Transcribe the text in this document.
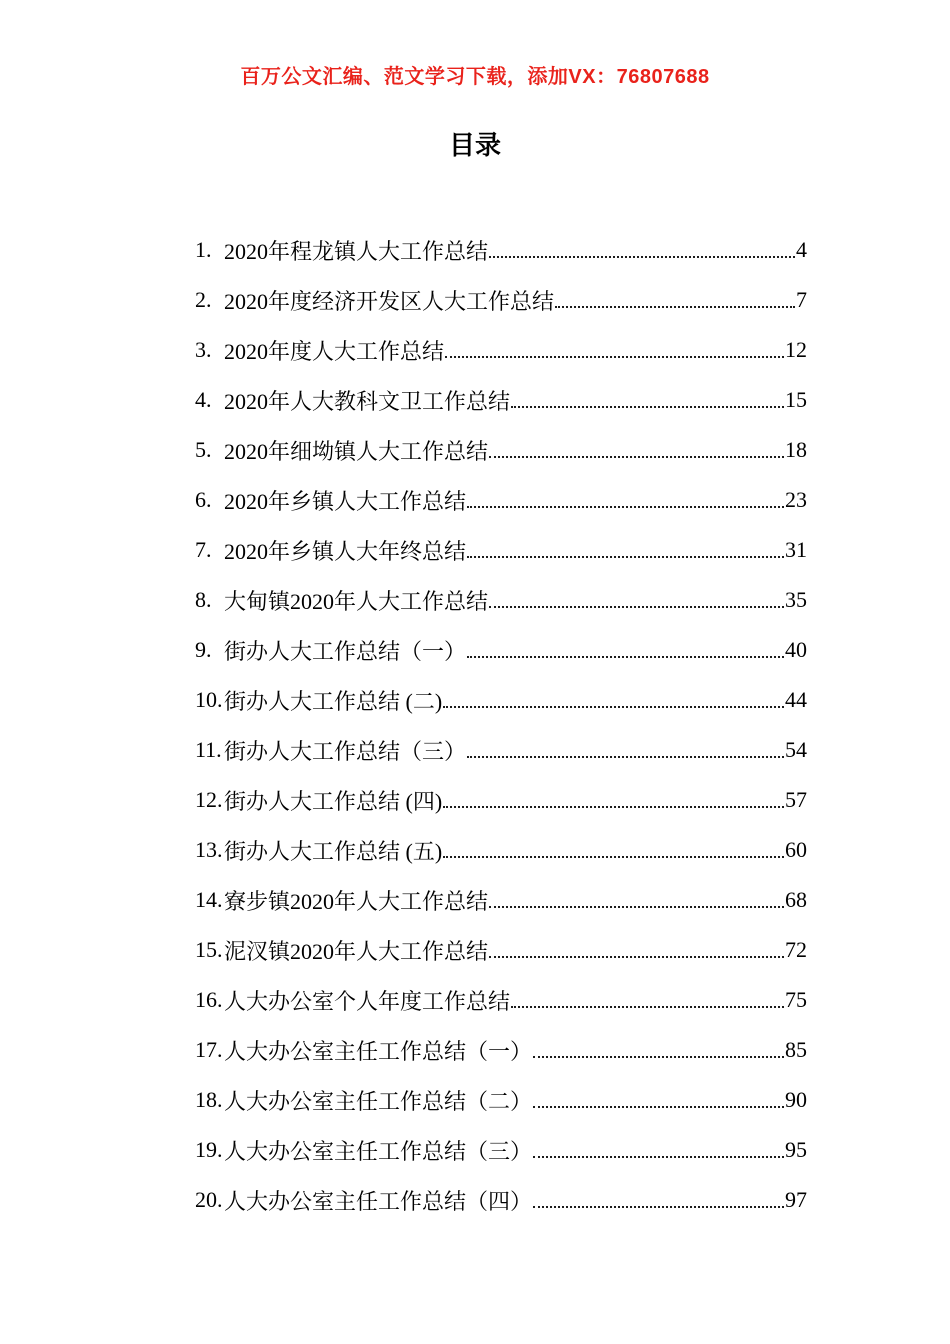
百万公文汇编、范文学习下载，添加VX：76807688
目录
1. 2020年程龙镇人大工作总结	4
2. 2020年度经济开发区人大工作总结	7
3. 2020年度人大工作总结	12
4. 2020年人大教科文卫工作总结	15
5. 2020年细坳镇人大工作总结	18
6. 2020年乡镇人大工作总结	23
7. 2020年乡镇人大年终总结	31
8. 大甸镇2020年人大工作总结	35
9. 街办人大工作总结（一）	40
10. 街办人大工作总结 (二)	44
11. 街办人大工作总结（三）	54
12. 街办人大工作总结 (四)	57
13. 街办人大工作总结 (五)	60
14. 寮步镇2020年人大工作总结	68
15. 泥汊镇2020年人大工作总结	72
16. 人大办公室个人年度工作总结	75
17. 人大办公室主任工作总结（一）	85
18. 人大办公室主任工作总结（二）	90
19. 人大办公室主任工作总结（三）	95
20. 人大办公室主任工作总结（四）	97
